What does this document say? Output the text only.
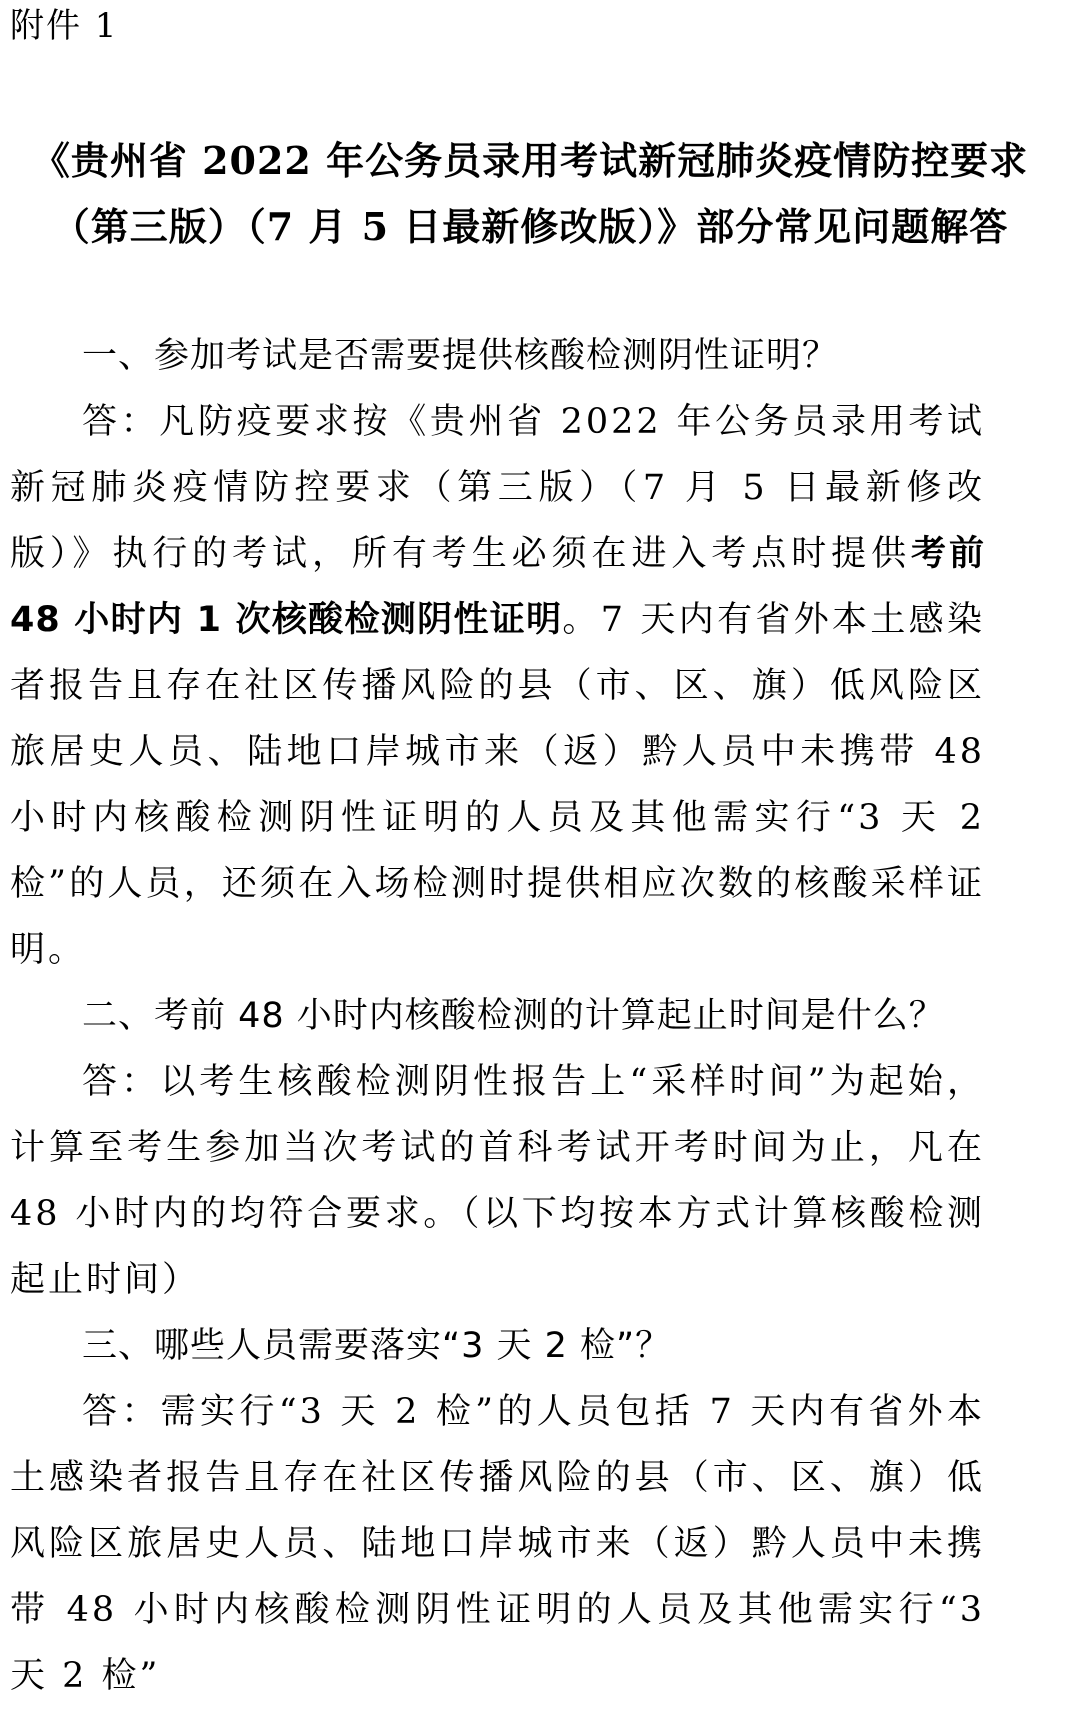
附件 1
《贵州省 2022 年公务员录用考试新冠肺炎疫情防控要求
（第三版）（7 月 5 日最新修改版）》部分常见问题解答

一、参加考试是否需要提供核酸检测阴性证明？

答：凡防疫要求按《贵州省 2022 年公务员录用考试新冠肺炎疫情防控要求（第三版）（7 月 5 日最新修改版）》执行的考试，所有考生必须在进入考点时提供考前 48 小时内 1 次核酸检测阴性证明。7 天内有省外本土感染者报告且存在社区传播风险的县（市、区、旗）低风险区旅居史人员、陆地口岸城市来（返）黔人员中未携带 48 小时内核酸检测阴性证明的人员及其他需实行“3 天 2 检”的人员，还须在入场检测时提供相应次数的核酸采样证明。

二、考前 48 小时内核酸检测的计算起止时间是什么？

答：以考生核酸检测阴性报告上“采样时间”为起始，计算至考生参加当次考试的首科考试开考时间为止，凡在 48 小时内的均符合要求。（以下均按本方式计算核酸检测起止时间）

三、哪些人员需要落实“3 天 2 检”？

答：需实行“3 天 2 检”的人员包括 7 天内有省外本土感染者报告且存在社区传播风险的县（市、区、旗）低风险区旅居史人员、陆地口岸城市来（返）黔人员中未携带 48 小时内核酸检测阴性证明的人员及其他需实行“3 天 2 检”
